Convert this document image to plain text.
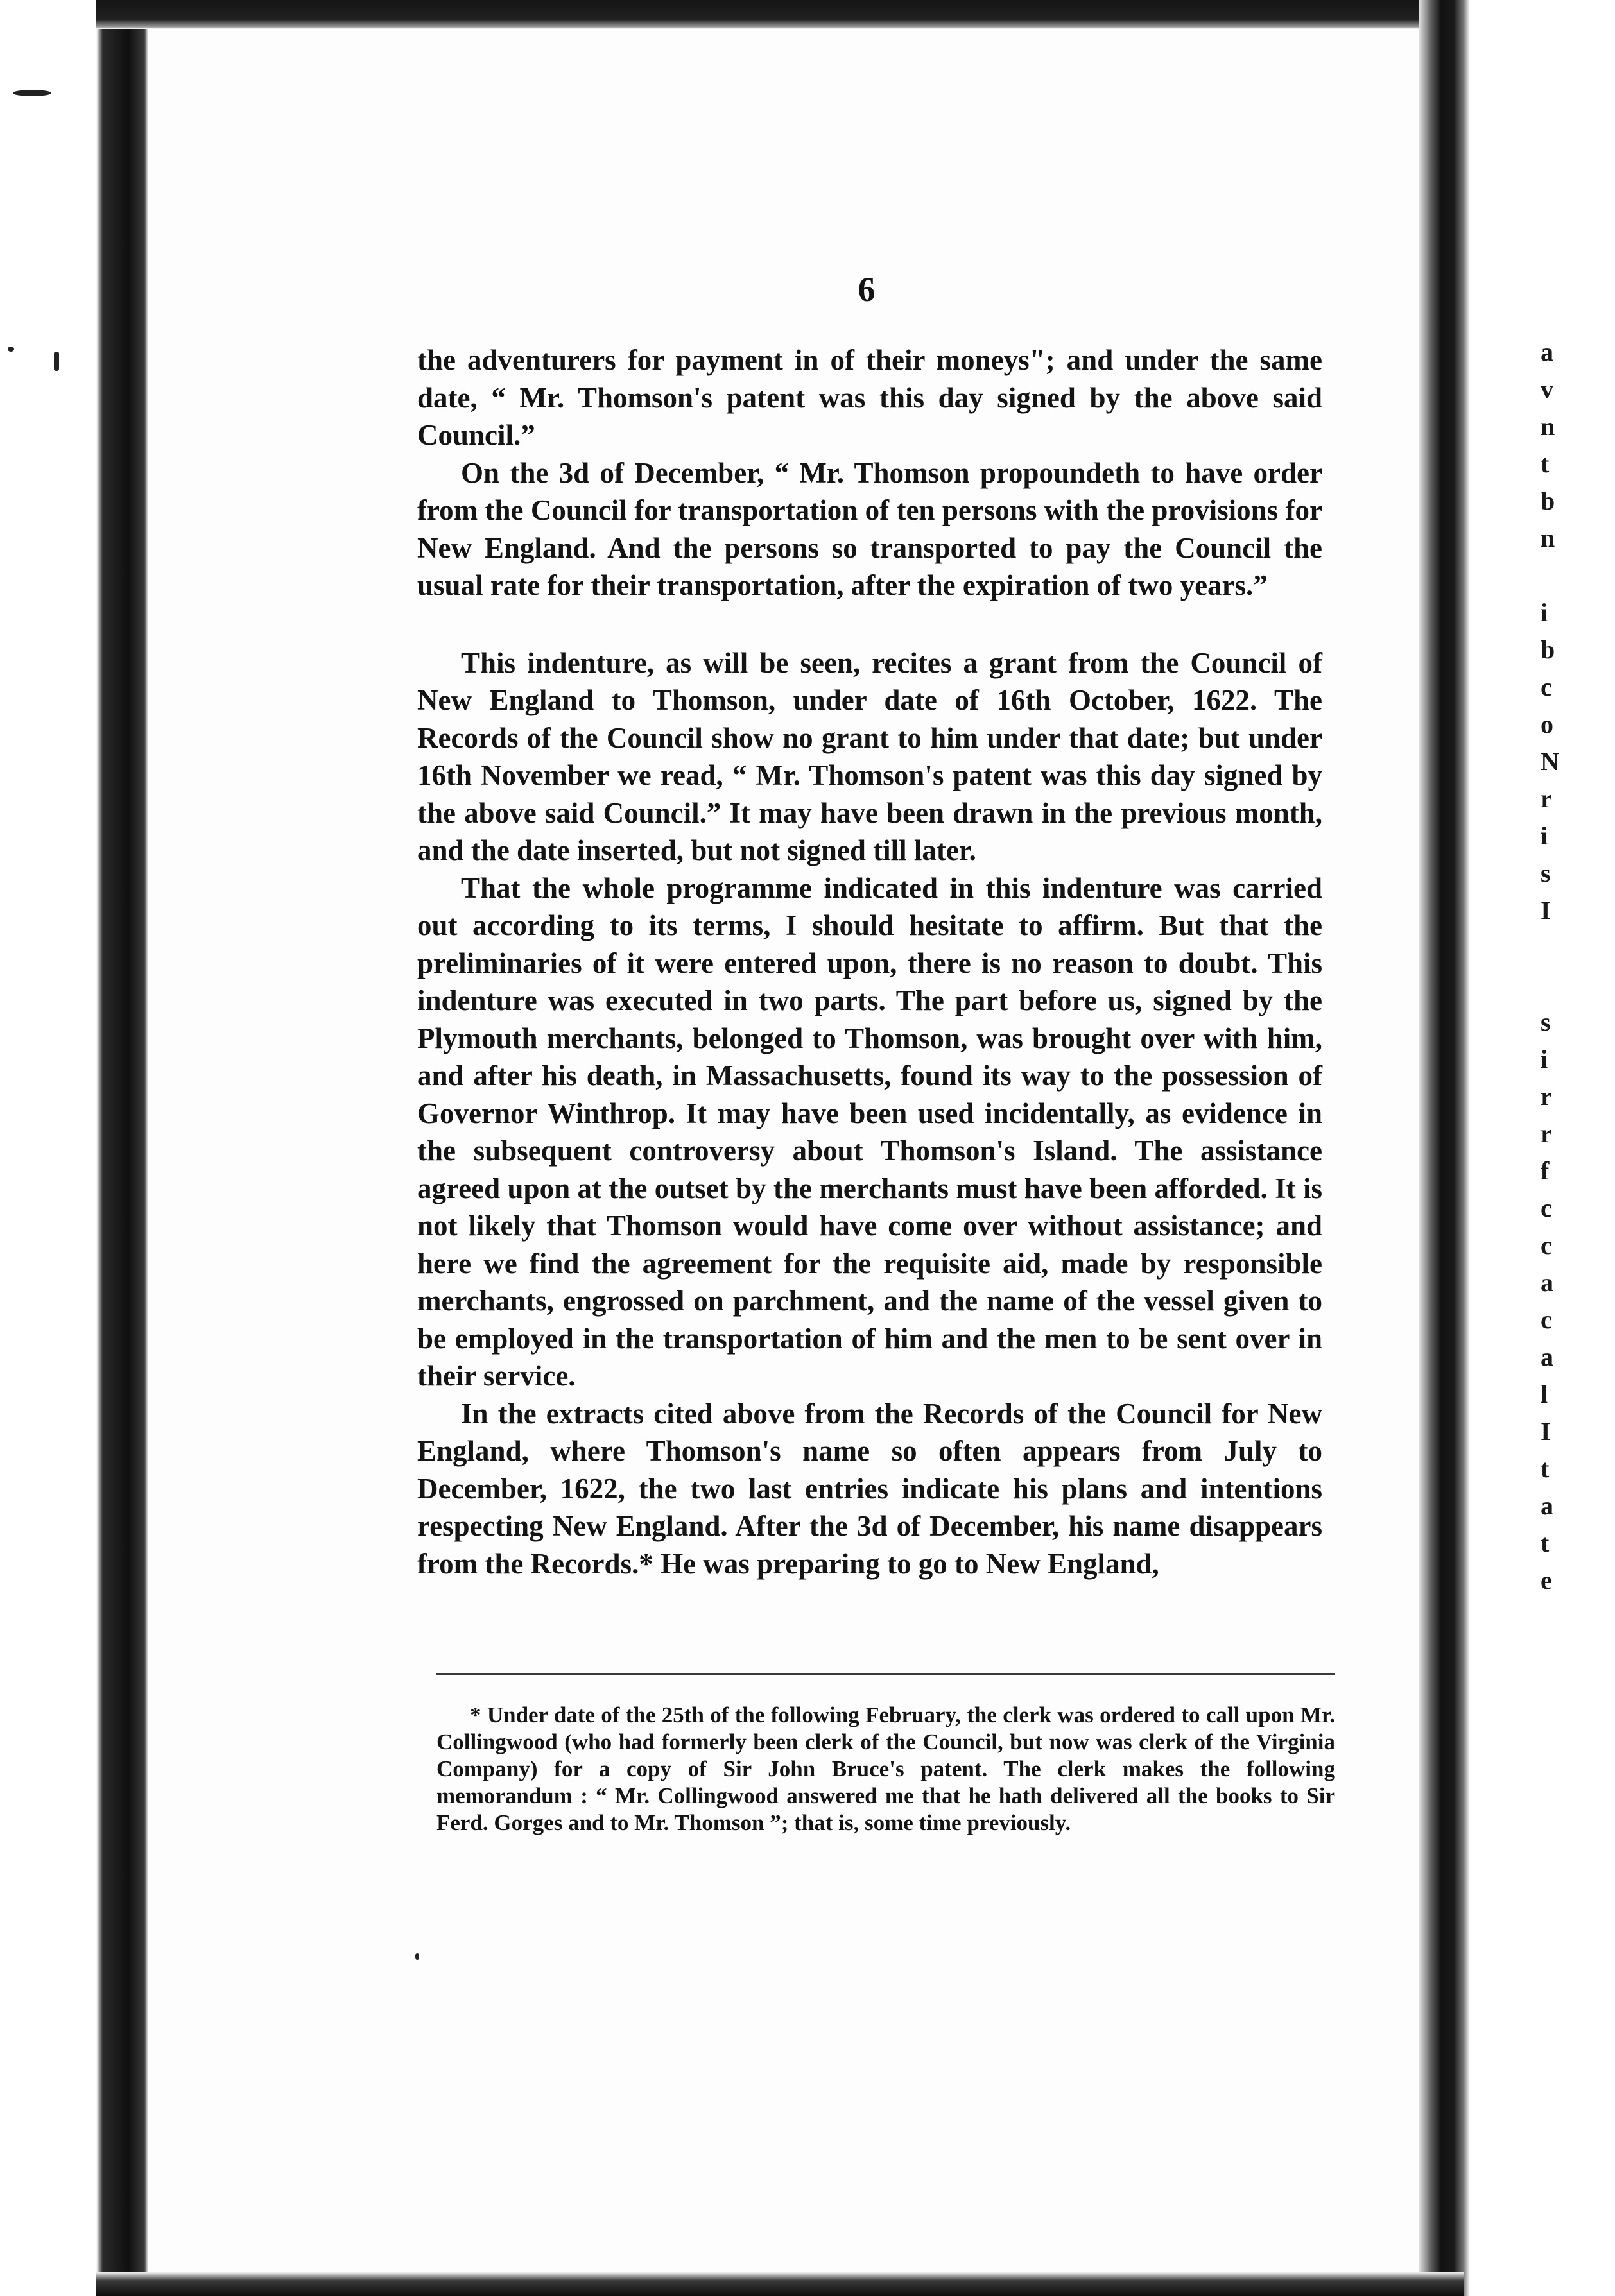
6

the adventurers for payment in of their moneys"; and under the same date, “ Mr. Thomson's patent was this day signed by the above said Council.”

On the 3d of December, “ Mr. Thomson propoundeth to have order from the Council for transportation of ten persons with the provisions for New England. And the persons so transported to pay the Council the usual rate for their transportation, after the expiration of two years.”

This indenture, as will be seen, recites a grant from the Council of New England to Thomson, under date of 16th October, 1622. The Records of the Council show no grant to him under that date; but under 16th November we read, “ Mr. Thomson's patent was this day signed by the above said Council.” It may have been drawn in the previous month, and the date inserted, but not signed till later.

That the whole programme indicated in this indenture was carried out according to its terms, I should hesitate to affirm. But that the preliminaries of it were entered upon, there is no reason to doubt. This indenture was executed in two parts. The part before us, signed by the Plymouth merchants, belonged to Thomson, was brought over with him, and after his death, in Massachusetts, found its way to the possession of Governor Winthrop. It may have been used incidentally, as evidence in the subsequent controversy about Thomson's Island. The assistance agreed upon at the outset by the merchants must have been afforded. It is not likely that Thomson would have come over without assistance; and here we find the agreement for the requisite aid, made by responsible merchants, engrossed on parchment, and the name of the vessel given to be employed in the transportation of him and the men to be sent over in their service.

In the extracts cited above from the Records of the Council for New England, where Thomson's name so often appears from July to December, 1622, the two last entries indicate his plans and intentions respecting New England. After the 3d of December, his name disappears from the Records.* He was preparing to go to New England,

* Under date of the 25th of the following February, the clerk was ordered to call upon Mr. Collingwood (who had formerly been clerk of the Council, but now was clerk of the Virginia Company) for a copy of Sir John Bruce's patent. The clerk makes the following memorandum : “ Mr. Collingwood answered me that he hath delivered all the books to Sir Ferd. Gorges and to Mr. Thomson ”; that is, some time previously.

a
v
n
t
b
n
i
b
c
o
N
r
i
s
I
s
i
r
r
f
c
c
a
c
a
l
I
t
a
t
e
